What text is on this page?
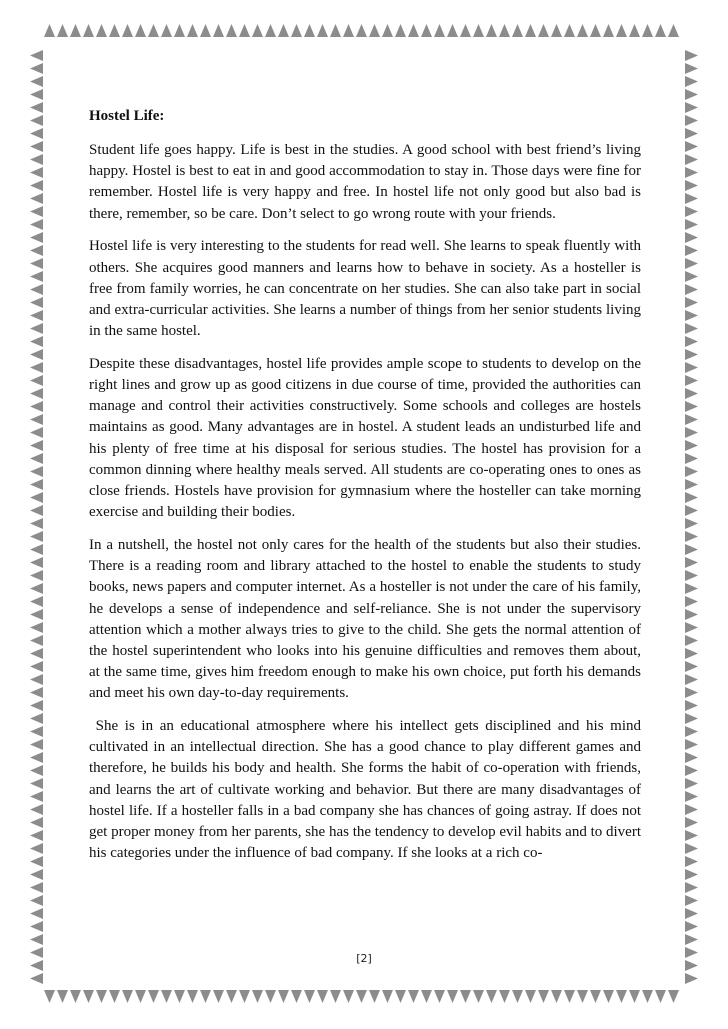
Hostel Life:

Student life goes happy. Life is best in the studies. A good school with best friend’s living happy. Hostel is best to eat in and good accommodation to stay in. Those days were fine for remember. Hostel life is very happy and free. In hostel life not only good but also bad is there, remember, so be care. Don’t select to go wrong route with your friends.

Hostel life is very interesting to the students for read well. She learns to speak fluently with others. She acquires good manners and learns how to behave in society. As a hosteller is free from family worries, he can concentrate on her studies. She can also take part in social and extra-curricular activities. She learns a number of things from her senior students living in the same hostel.

Despite these disadvantages, hostel life provides ample scope to students to develop on the right lines and grow up as good citizens in due course of time, provided the authorities can manage and control their activities constructively. Some schools and colleges are hostels maintains as good. Many advantages are in hostel. A student leads an undisturbed life and his plenty of free time at his disposal for serious studies. The hostel has provision for a common dinning where healthy meals served. All students are co-operating ones to ones as close friends. Hostels have provision for gymnasium where the hosteller can take morning exercise and building their bodies.

In a nutshell, the hostel not only cares for the health of the students but also their studies. There is a reading room and library attached to the hostel to enable the students to study books, news papers and computer internet. As a hosteller is not under the care of his family, he develops a sense of independence and self-reliance. She is not under the supervisory attention which a mother always tries to give to the child. She gets the normal attention of the hostel superintendent who looks into his genuine difficulties and removes them about, at the same time, gives him freedom enough to make his own choice, put forth his demands and meet his own day-to-day requirements.

She is in an educational atmosphere where his intellect gets disciplined and his mind cultivated in an intellectual direction. She has a good chance to play different games and therefore, he builds his body and health. She forms the habit of co-operation with friends, and learns the art of cultivate working and behavior. But there are many disadvantages of hostel life. If a hosteller falls in a bad company she has chances of going astray. If does not get proper money from her parents, she has the tendency to develop evil habits and to divert his categories under the influence of bad company. If she looks at a rich co-

[2]
